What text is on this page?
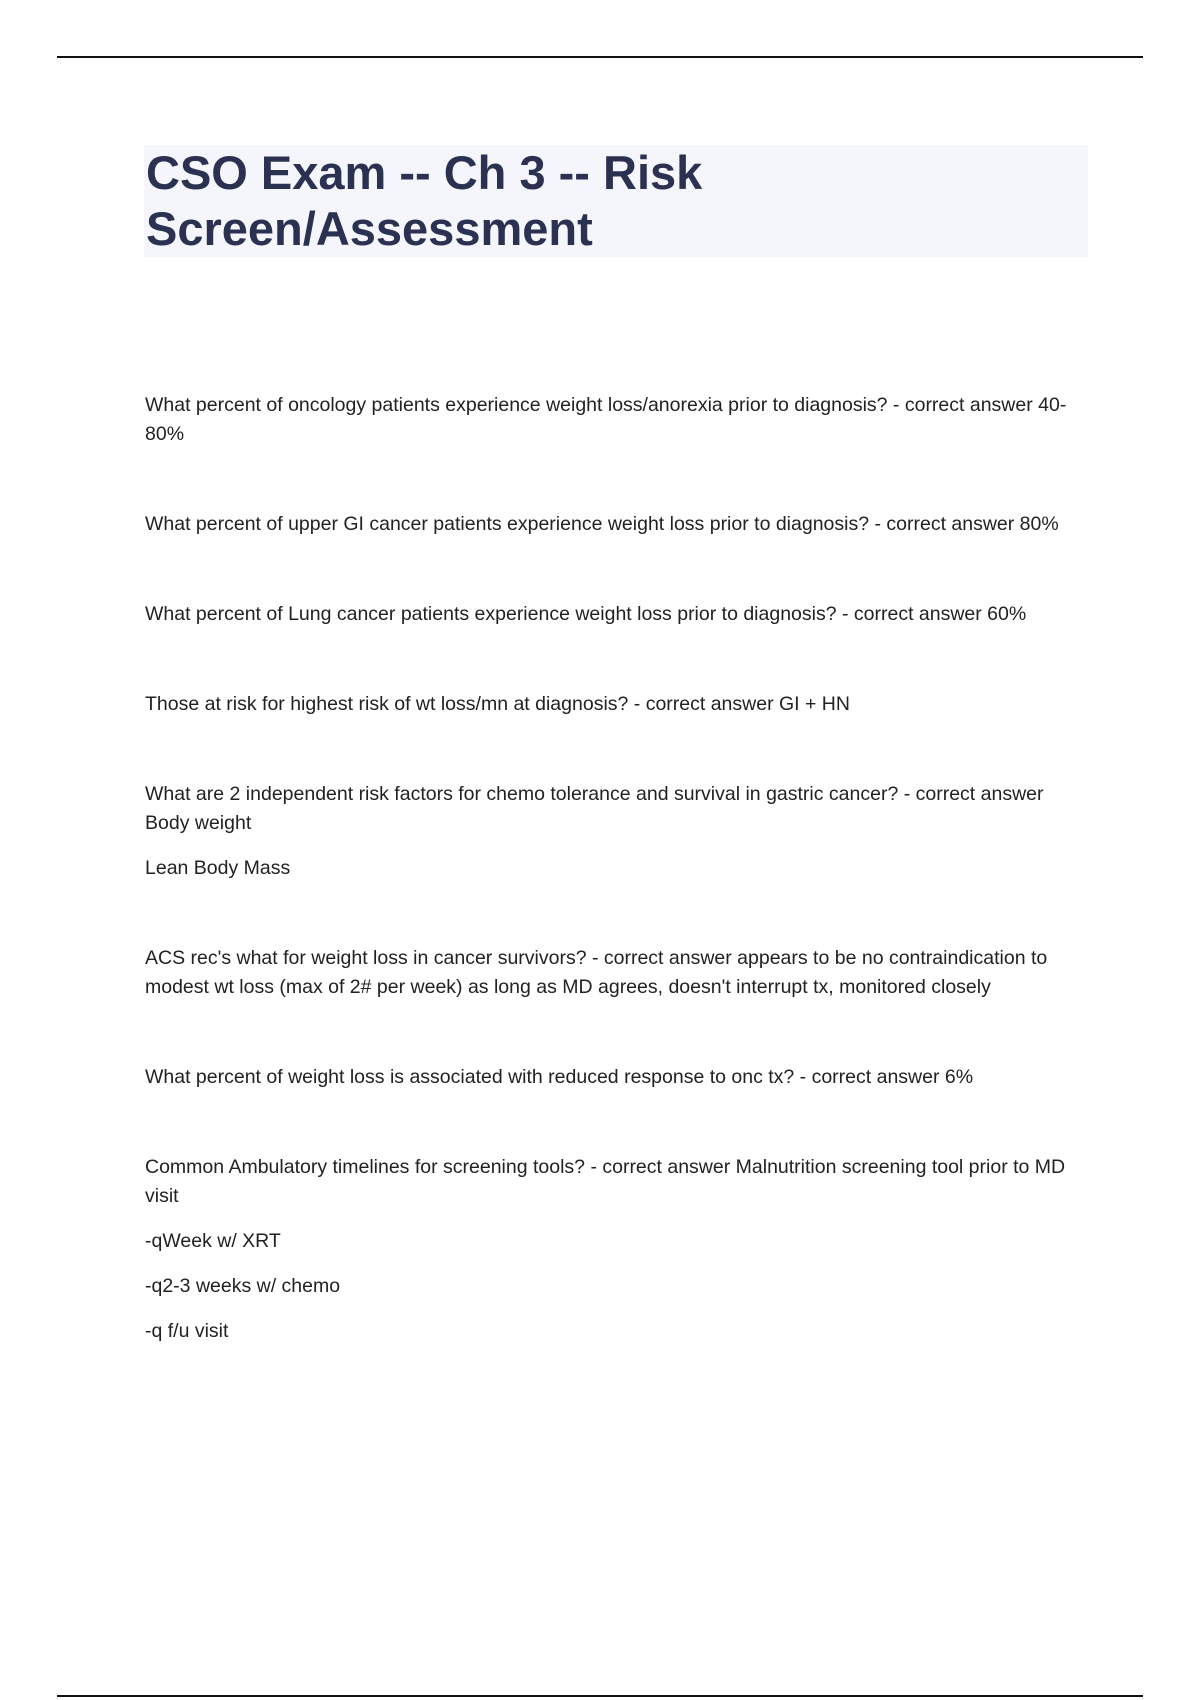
CSO Exam -- Ch 3 -- Risk Screen/Assessment

What percent of oncology patients experience weight loss/anorexia prior to diagnosis? - correct answer 40-80%

What percent of upper GI cancer patients experience weight loss prior to diagnosis? - correct answer 80%

What percent of Lung cancer patients experience weight loss prior to diagnosis? - correct answer 60%

Those at risk for highest risk of wt loss/mn at diagnosis? - correct answer GI + HN

What are 2 independent risk factors for chemo tolerance and survival in gastric cancer? - correct answer Body weight

Lean Body Mass

ACS rec's what for weight loss in cancer survivors? - correct answer appears to be no contraindication to modest wt loss (max of 2# per week) as long as MD agrees, doesn't interrupt tx, monitored closely

What percent of weight loss is associated with reduced response to onc tx? - correct answer 6%

Common Ambulatory timelines for screening tools? - correct answer Malnutrition screening tool prior to MD visit

-qWeek w/ XRT

-q2-3 weeks w/ chemo

-q f/u visit
